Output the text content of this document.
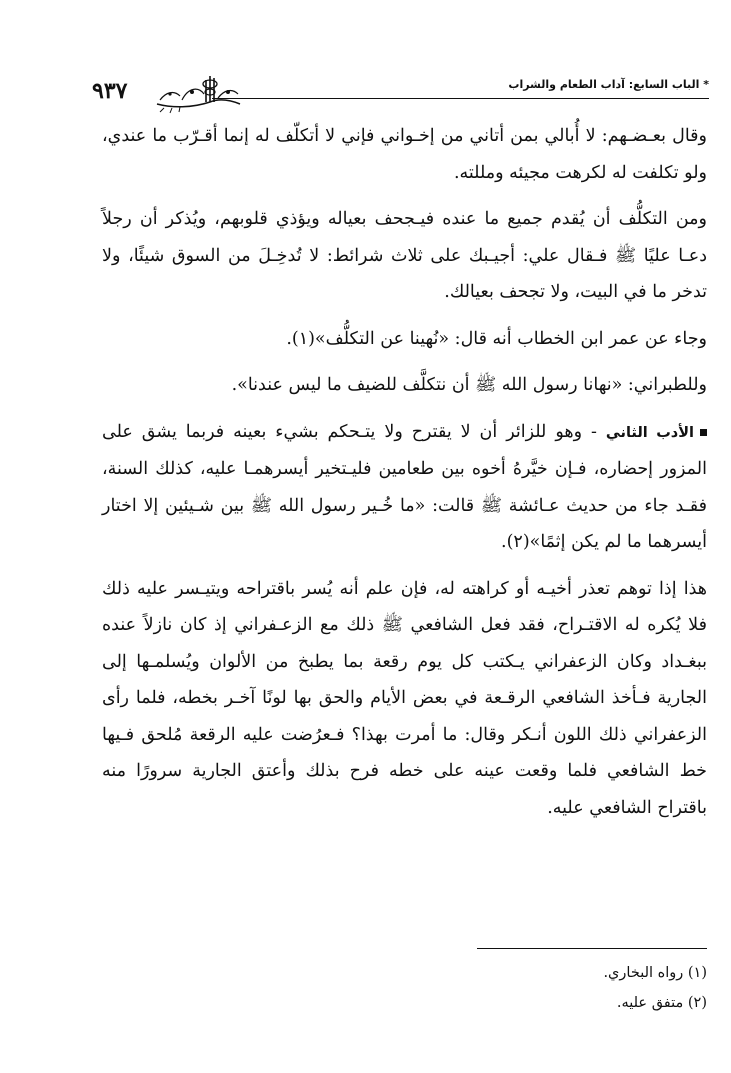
* الباب السابع: آداب الطعام والشراب
٩٣٧

وقال بعـضـهم: لا أُبالي بمن أتاني من إخـواني فإني لا أتكلّف له إنما أقـرّب ما عندي، ولو تكلفت له لكرهت مجيئه ومللته.

ومن التكلُّف أن يُقدم جميع ما عنده فيـجحف بعياله ويؤذي قلوبهم، ويُذكر أن رجلاً دعـا عليًا ﷺ فـقال علي: أجيـبك على ثلاث شرائط: لا تُدخِـلَ من السوق شيئًا، ولا تدخر ما في البيت، ولا تجحف بعيالك.

وجاء عن عمر ابن الخطاب أنه قال: «نُهينا عن التكلُّف»(١).

وللطبراني: «نهانا رسول الله ﷺ أن نتكلَّف للضيف ما ليس عندنا».

الأدب الثاني - وهو للزائر أن لا يقترح ولا يتـحكم بشيء بعينه فربما يشق على المزور إحضاره، فـإن خيَّرهُ أخوه بين طعامين فليـتخير أيسرهمـا عليه، كذلك السنة، فقـد جاء من حديث عـائشة ﷺ قالت: «ما خُـير رسول الله ﷺ بين شـيئين إلا اختار أيسرهما ما لم يكن إثمًا»(٢).

هذا إذا توهم تعذر أخيـه أو كراهته له، فإن علم أنه يُسر باقتراحه ويتيـسر عليه ذلك فلا يُكره له الاقتـراح، فقد فعل الشافعي ﷺ ذلك مع الزعـفراني إذ كان نازلاً عنده ببغـداد وكان الزعفراني يـكتب كل يوم رقعة بما يطبخ من الألوان ويُسلمـها إلى الجارية فـأخذ الشافعي الرقـعة في بعض الأيام والحق بها لونًا آخـر بخطه، فلما رأى الزعفراني ذلك اللون أنـكر وقال: ما أمرت بهذا؟ فـعرُضت عليه الرقعة مُلحق فـيها خط الشافعي فلما وقعت عينه على خطه فرح بذلك وأعتق الجارية سرورًا منه باقتراح الشافعي عليه.

(١) رواه البخاري.
(٢) متفق عليه.
